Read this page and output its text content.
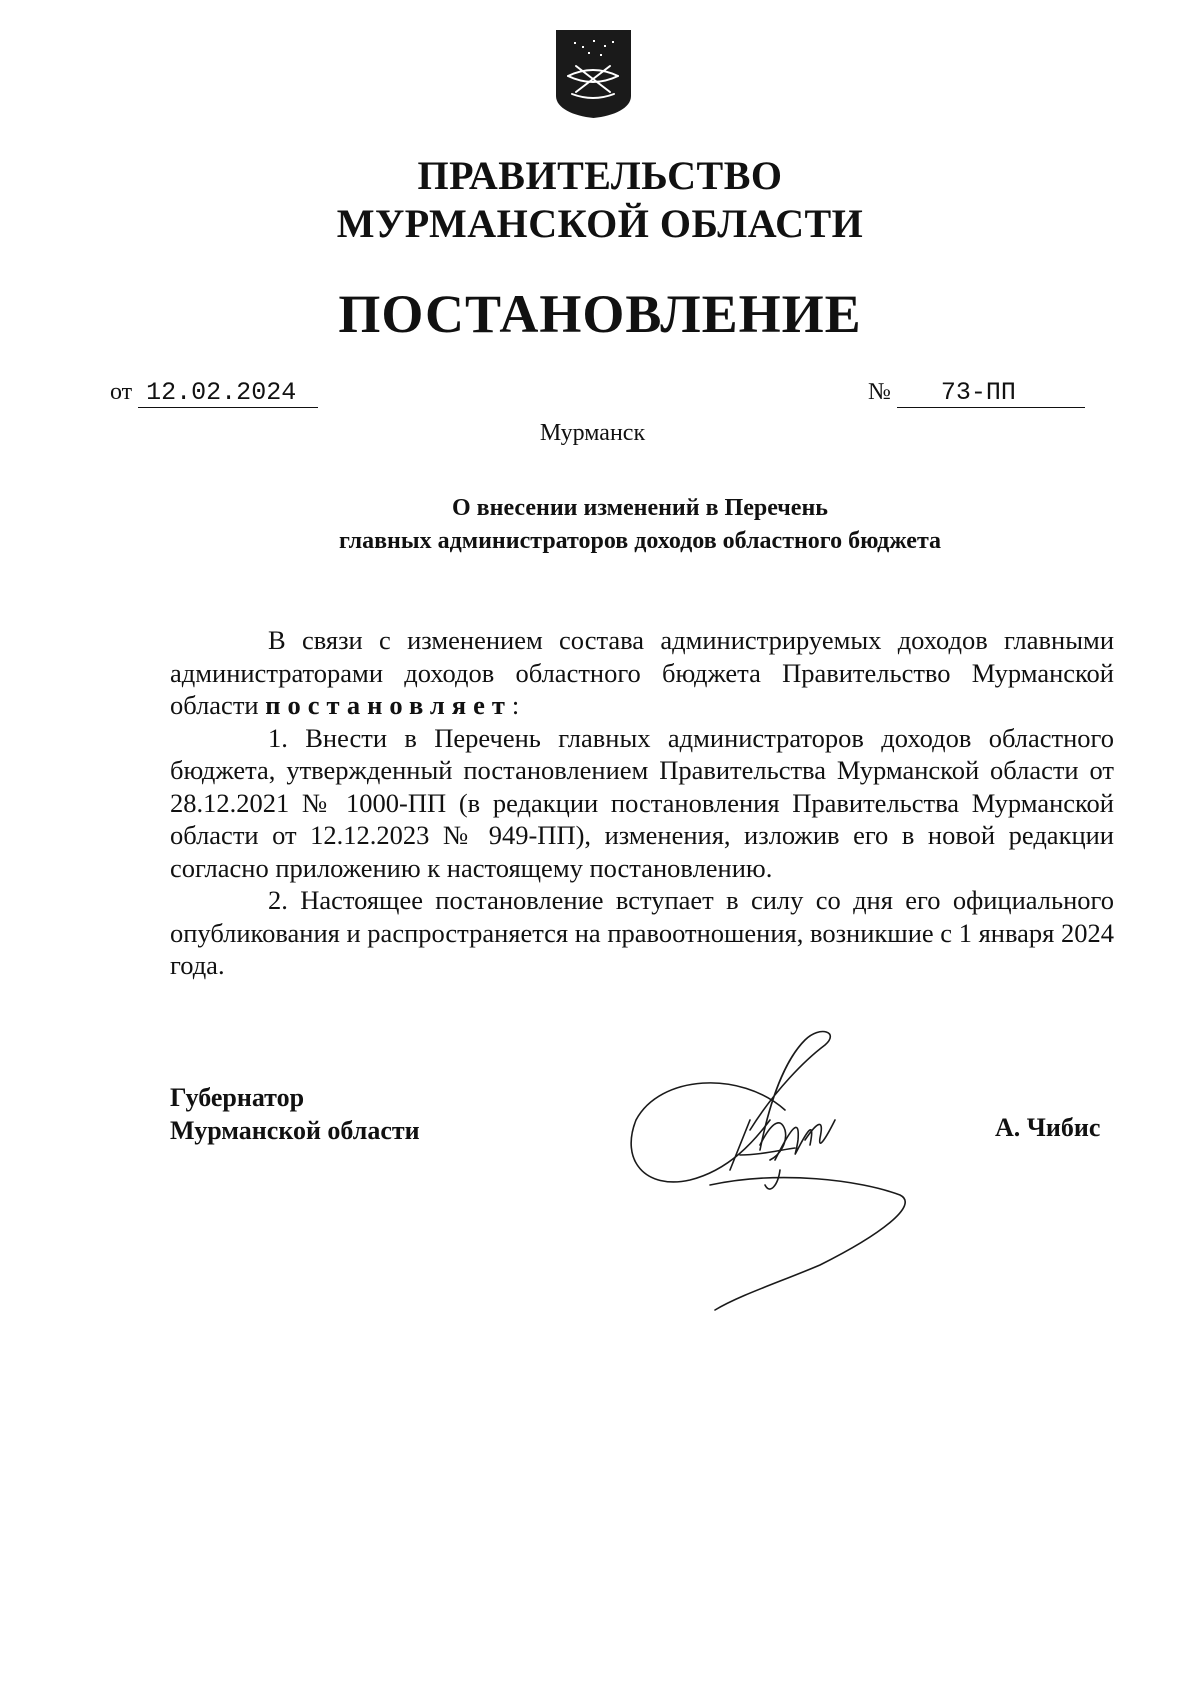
ПРАВИТЕЛЬСТВО
МУРМАНСКОЙ ОБЛАСТИ
ПОСТАНОВЛЕНИЕ
от 12.02.2024	№ 73-ПП
Мурманск
О внесении изменений в Перечень
главных администраторов доходов областного бюджета

В связи с изменением состава администрируемых доходов главными администраторами доходов областного бюджета Правительство Мурманской области постановляет:

1. Внести в Перечень главных администраторов доходов областного бюджета, утвержденный постановлением Правительства Мурманской области от 28.12.2021 № 1000-ПП (в редакции постановления Правительства Мурманской области от 12.12.2023 № 949-ПП), изменения, изложив его в новой редакции согласно приложению к настоящему постановлению.

2. Настоящее постановление вступает в силу со дня его официального опубликования и распространяется на правоотношения, возникшие с 1 января 2024 года.

Губернатор
Мурманской области	А. Чибис
